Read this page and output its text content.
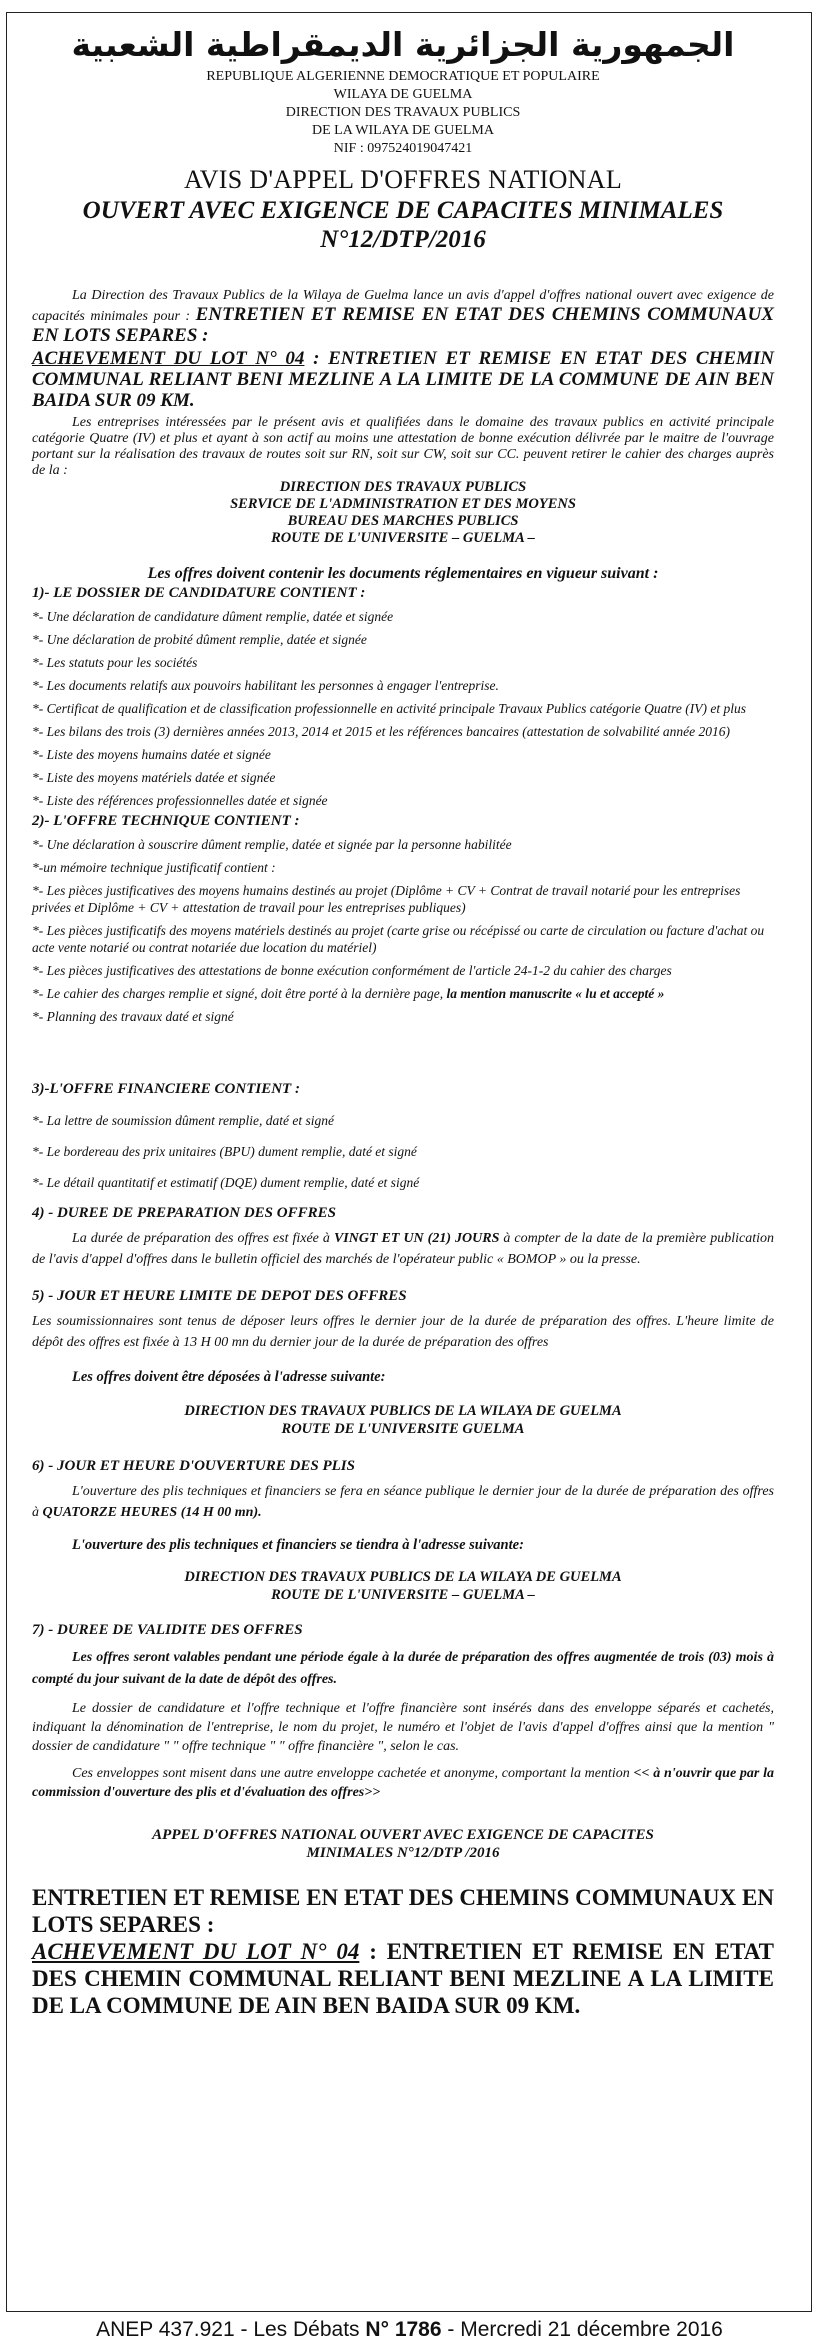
الجمهورية الجزائرية الديمقراطية الشعبية
REPUBLIQUE ALGERIENNE DEMOCRATIQUE ET POPULAIRE
WILAYA DE GUELMA
DIRECTION DES TRAVAUX PUBLICS
DE LA WILAYA DE GUELMA
NIF : 097524019047421
AVIS D'APPEL D'OFFRES NATIONAL
OUVERT AVEC EXIGENCE DE CAPACITES MINIMALES
N°12/DTP/2016
La Direction des Travaux Publics de la Wilaya de Guelma lance un avis d'appel d'offres national ouvert avec exigence de capacités minimales pour : ENTRETIEN ET REMISE EN ETAT DES CHEMINS COMMUNAUX EN LOTS SEPARES :
ACHEVEMENT DU LOT N° 04 : ENTRETIEN ET REMISE EN ETAT DES CHEMIN COMMUNAL RELIANT BENI MEZLINE A LA LIMITE DE LA COMMUNE DE AIN BEN BAIDA SUR 09 KM.
Les entreprises intéressées par le présent avis et qualifiées dans le domaine des travaux publics en activité principale catégorie Quatre (IV) et plus et ayant à son actif au moins une attestation de bonne exécution délivrée par le maitre de l'ouvrage portant sur la réalisation des travaux de routes soit sur RN, soit sur CW, soit sur CC. peuvent retirer le cahier des charges auprès de la :
DIRECTION DES TRAVAUX PUBLICS
SERVICE DE L'ADMINISTRATION ET DES MOYENS
BUREAU DES MARCHES PUBLICS
ROUTE DE L'UNIVERSITE – GUELMA –
Les offres doivent contenir les documents réglementaires en vigueur suivant :
1)- LE DOSSIER DE CANDIDATURE CONTIENT :
*- Une déclaration de candidature dûment remplie, datée et signée
*- Une déclaration de probité dûment remplie, datée et signée
*- Les statuts pour les sociétés
*- Les documents relatifs aux pouvoirs habilitant les personnes à engager l'entreprise.
*- Certificat de qualification et de classification professionnelle en activité principale Travaux Publics catégorie Quatre (IV) et plus
*- Les bilans des trois (3) dernières années 2013, 2014 et 2015 et les références bancaires (attestation de solvabilité année 2016)
*- Liste des moyens humains datée et signée
*- Liste des moyens matériels datée et signée
*- Liste des références professionnelles datée et signée
2)- L'OFFRE TECHNIQUE CONTIENT :
*- Une déclaration à souscrire dûment remplie, datée et signée par la personne habilitée
*-un mémoire technique justificatif contient :
*- Les pièces justificatives des moyens humains destinés au projet (Diplôme + CV + Contrat de travail notarié pour les entreprises privées et Diplôme + CV + attestation de travail pour les entreprises publiques)
*- Les pièces justificatifs des moyens matériels destinés au projet (carte grise ou récépissé ou carte de circulation ou facture d'achat ou acte vente notarié ou contrat notariée due location du matériel)
*- Les pièces justificatives des attestations de bonne exécution conformément de l'article 24-1-2 du cahier des charges
*- Le cahier des charges remplie et signé, doit être porté à la dernière page, la mention manuscrite « lu et accepté »
*- Planning des travaux daté et signé
3)-L'OFFRE FINANCIERE CONTIENT :
*- La lettre de soumission dûment remplie, daté et signé
*- Le bordereau des prix unitaires (BPU) dument remplie, daté et signé
*- Le détail quantitatif et estimatif (DQE) dument remplie, daté et signé
4) - DUREE DE PREPARATION DES OFFRES
La durée de préparation des offres est fixée à VINGT ET UN (21) JOURS à compter de la date de la première publication de l'avis d'appel d'offres dans le bulletin officiel des marchés de l'opérateur public « BOMOP » ou la presse.
5) - JOUR ET HEURE LIMITE DE DEPOT DES OFFRES
Les soumissionnaires sont tenus de déposer leurs offres le dernier jour de la durée de préparation des offres. L'heure limite de dépôt des offres est fixée à 13 H 00 mn du dernier jour de la durée de préparation des offres
Les offres doivent être déposées à l'adresse suivante:
DIRECTION DES TRAVAUX PUBLICS DE LA WILAYA DE GUELMA
ROUTE DE L'UNIVERSITE GUELMA
6) - JOUR ET HEURE D'OUVERTURE DES PLIS
L'ouverture des plis techniques et financiers se fera en séance publique le dernier jour de la durée de préparation des offres à QUATORZE HEURES (14 H 00 mn).
L'ouverture des plis techniques et financiers se tiendra à l'adresse suivante:
DIRECTION DES TRAVAUX PUBLICS DE LA WILAYA DE GUELMA
ROUTE DE L'UNIVERSITE – GUELMA –
7) - DUREE DE VALIDITE DES OFFRES
Les offres seront valables pendant une période égale à la durée de préparation des offres augmentée de trois (03) mois à compté du jour suivant de la date de dépôt des offres.
Le dossier de candidature et l'offre technique et l'offre financière sont insérés dans des enveloppe séparés et cachetés, indiquant la dénomination de l'entreprise, le nom du projet, le numéro et l'objet de l'avis d'appel d'offres ainsi que la mention " dossier de candidature " " offre technique " " offre financière ", selon le cas.
Ces enveloppes sont misent dans une autre enveloppe cachetée et anonyme, comportant la mention << à n'ouvrir que par la commission d'ouverture des plis et d'évaluation des offres>>
APPEL D'OFFRES NATIONAL OUVERT AVEC EXIGENCE DE CAPACITES
MINIMALES N°12/DTP /2016
ENTRETIEN ET REMISE EN ETAT DES CHEMINS COMMUNAUX EN LOTS SEPARES :
ACHEVEMENT DU LOT N° 04 : ENTRETIEN ET REMISE EN ETAT DES CHEMIN COMMUNAL RELIANT BENI MEZLINE A LA LIMITE DE LA COMMUNE DE AIN BEN BAIDA SUR 09 KM.
ANEP 437.921 - Les Débats N° 1786 - Mercredi 21 décembre 2016
